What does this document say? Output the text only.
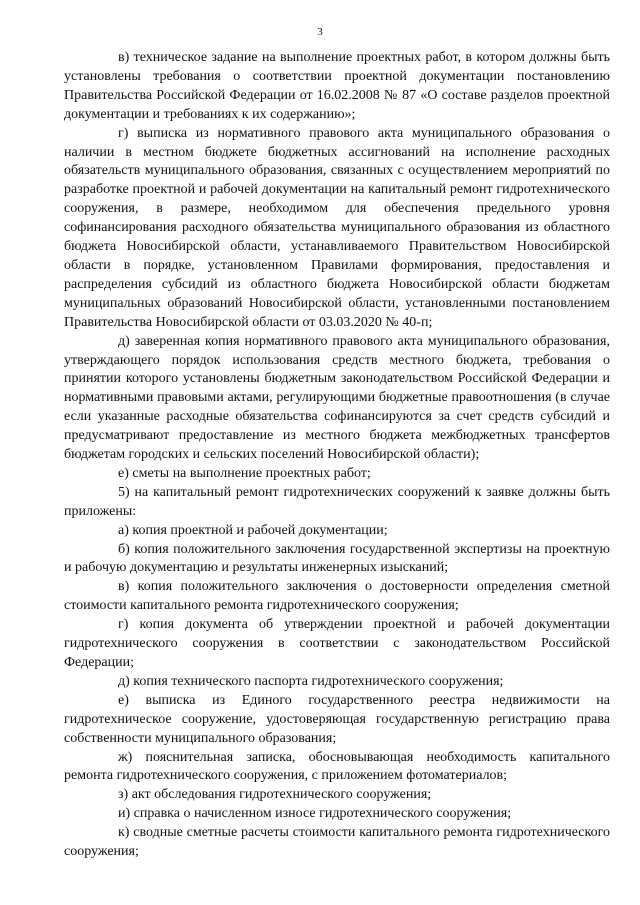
3

в) техническое задание на выполнение проектных работ, в котором должны быть установлены требования о соответствии проектной документации постановлению Правительства Российской Федерации от 16.02.2008 № 87 «О составе разделов проектной документации и требованиях к их содержанию»;

г) выписка из нормативного правового акта муниципального образования о наличии в местном бюджете бюджетных ассигнований на исполнение расходных обязательств муниципального образования, связанных с осуществлением мероприятий по разработке проектной и рабочей документации на капитальный ремонт гидротехнического сооружения, в размере, необходимом для обеспечения предельного уровня софинансирования расходного обязательства муниципального образования из областного бюджета Новосибирской области, устанавливаемого Правительством Новосибирской области в порядке, установленном Правилами формирования, предоставления и распределения субсидий из областного бюджета Новосибирской области бюджетам муниципальных образований Новосибирской области, установленными постановлением Правительства Новосибирской области от 03.03.2020 № 40-п;

д) заверенная копия нормативного правового акта муниципального образования, утверждающего порядок использования средств местного бюджета, требования о принятии которого установлены бюджетным законодательством Российской Федерации и нормативными правовыми актами, регулирующими бюджетные правоотношения (в случае если указанные расходные обязательства софинансируются за счет средств субсидий и предусматривают предоставление из местного бюджета межбюджетных трансфертов бюджетам городских и сельских поселений Новосибирской области);

е) сметы на выполнение проектных работ;

5) на капитальный ремонт гидротехнических сооружений к заявке должны быть приложены:

а) копия проектной и рабочей документации;

б) копия положительного заключения государственной экспертизы на проектную и рабочую документацию и результаты инженерных изысканий;

в) копия положительного заключения о достоверности определения сметной стоимости капитального ремонта гидротехнического сооружения;

г) копия документа об утверждении проектной и рабочей документации гидротехнического сооружения в соответствии с законодательством Российской Федерации;

д) копия технического паспорта гидротехнического сооружения;

е) выписка из Единого государственного реестра недвижимости на гидротехническое сооружение, удостоверяющая государственную регистрацию права собственности муниципального образования;

ж) пояснительная записка, обосновывающая необходимость капитального ремонта гидротехнического сооружения, с приложением фотоматериалов;

з) акт обследования гидротехнического сооружения;

и) справка о начисленном износе гидротехнического сооружения;

к) сводные сметные расчеты стоимости капитального ремонта гидротехнического сооружения;
